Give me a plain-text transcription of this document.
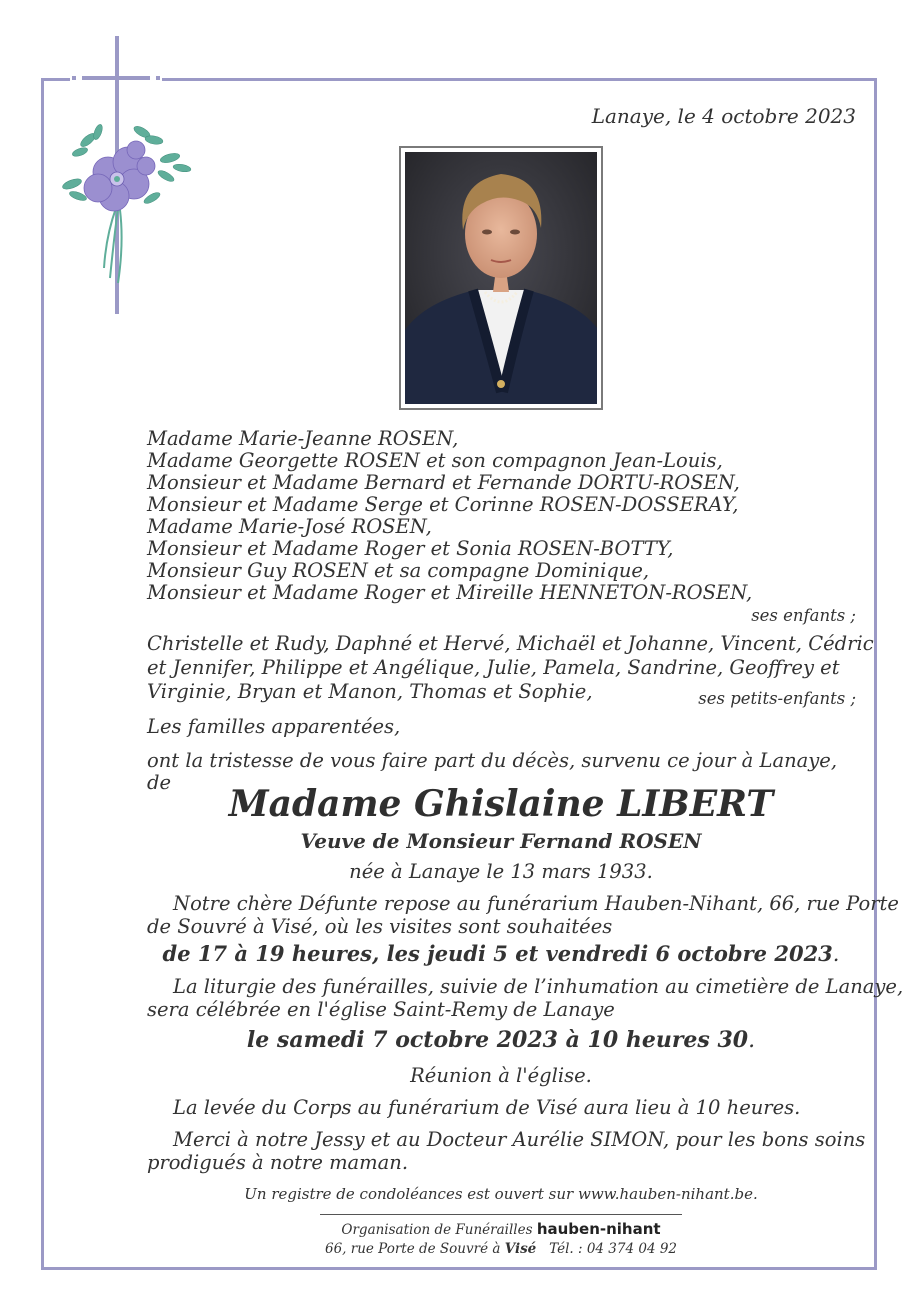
Lanaye, le 4 octobre 2023
Madame Marie-Jeanne ROSEN,
Madame Georgette ROSEN et son compagnon Jean-Louis,
Monsieur et Madame Bernard et Fernande DORTU-ROSEN,
Monsieur et Madame Serge et Corinne ROSEN-DOSSERAY,
Madame Marie-José ROSEN,
Monsieur et Madame Roger et Sonia ROSEN-BOTTY,
Monsieur Guy ROSEN et sa compagne Dominique,
Monsieur et Madame Roger et Mireille HENNETON-ROSEN,
ses enfants ;
Christelle et Rudy, Daphné et Hervé, Michaël et Johanne, Vincent, Cédric
et Jennifer, Philippe et Angélique, Julie, Pamela, Sandrine, Geoffrey et
Virginie, Bryan et Manon, Thomas et Sophie,	ses petits-enfants ;
Les familles apparentées,
ont la tristesse de vous faire part du décès, survenu ce jour à Lanaye, de
Madame Ghislaine LIBERT
Veuve de Monsieur Fernand ROSEN
née à Lanaye le 13 mars 1933.
Notre chère Défunte repose au funérarium Hauben-Nihant, 66, rue Porte
de Souvré à Visé, où les visites sont souhaitées
de 17 à 19 heures, les jeudi 5 et vendredi 6 octobre 2023.
La liturgie des funérailles, suivie de l’inhumation au cimetière de Lanaye,
sera célébrée en l'église Saint-Remy de Lanaye
le samedi 7 octobre 2023 à 10 heures 30.
Réunion à l'église.
La levée du Corps au funérarium de Visé aura lieu à 10 heures.
Merci à notre Jessy et au Docteur Aurélie SIMON, pour les bons soins
prodigués à notre maman.
Un registre de condoléances est ouvert sur www.hauben-nihant.be.
Organisation de Funérailles hauben-nihant
66, rue Porte de Souvré à Visé Tél. : 04 374 04 92
